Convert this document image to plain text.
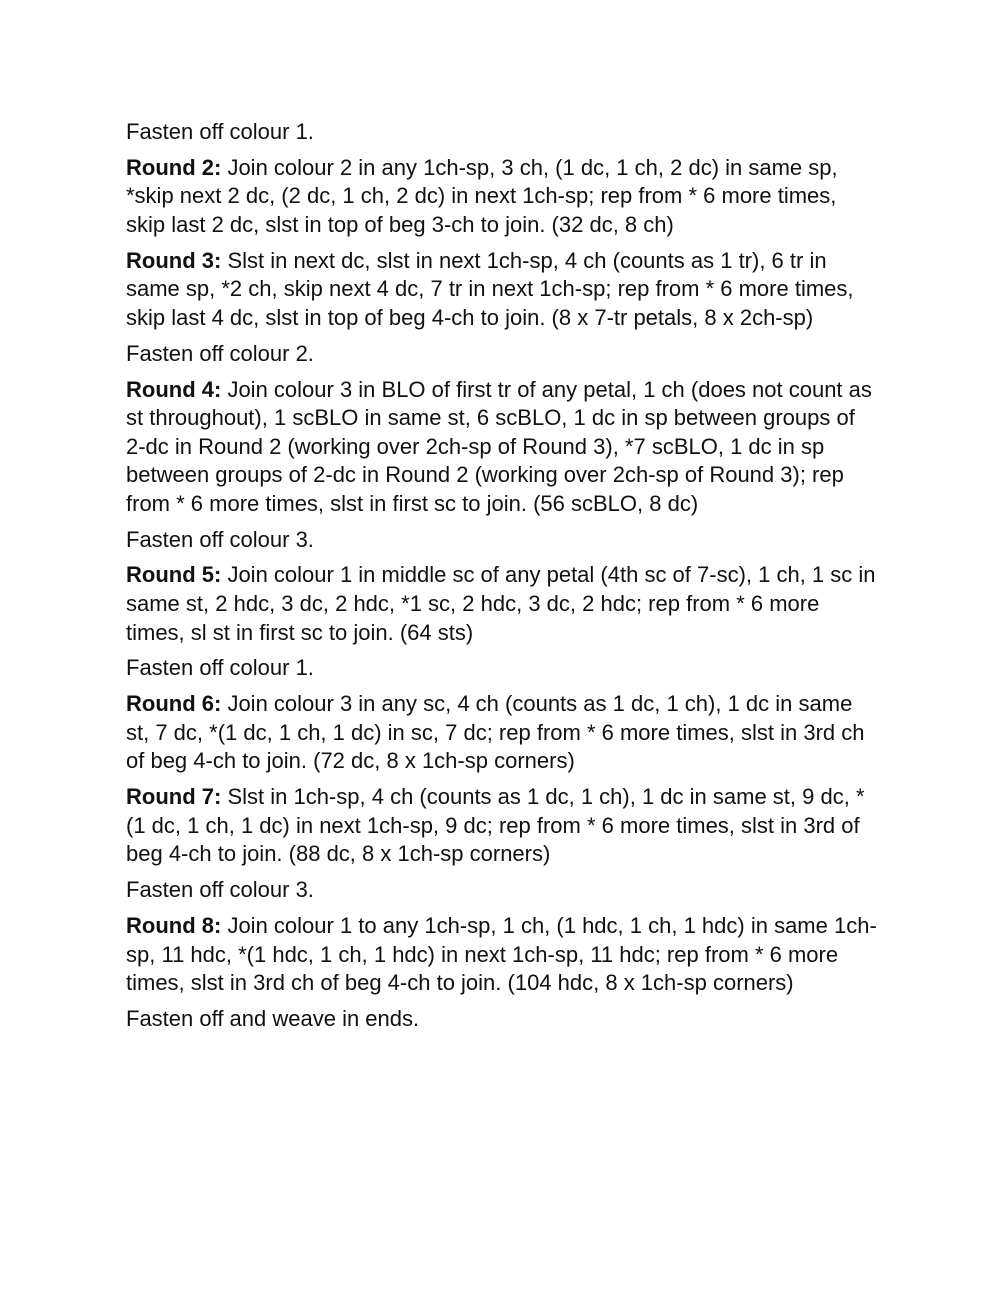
Fasten off colour 1.

Round 2: Join colour 2 in any 1ch-sp, 3 ch, (1 dc, 1 ch, 2 dc) in same sp, *skip next 2 dc, (2 dc, 1 ch, 2 dc) in next 1ch-sp; rep from * 6 more times, skip last 2 dc, slst in top of beg 3-ch to join. (32 dc, 8 ch)

Round 3: Slst in next dc, slst in next 1ch-sp, 4 ch (counts as 1 tr), 6 tr in same sp, *2 ch, skip next 4 dc, 7 tr in next 1ch-sp; rep from * 6 more times, skip last 4 dc, slst in top of beg 4-ch to join. (8 x 7-tr petals, 8 x 2ch-sp)

Fasten off colour 2.

Round 4: Join colour 3 in BLO of first tr of any petal, 1 ch (does not count as st throughout), 1 scBLO in same st, 6 scBLO, 1 dc in sp between groups of 2-dc in Round 2 (working over 2ch-sp of Round 3), *7 scBLO, 1 dc in sp between groups of 2-dc in Round 2 (working over 2ch-sp of Round 3); rep from * 6 more times, slst in first sc to join. (56 scBLO, 8 dc)

Fasten off colour 3.

Round 5: Join colour 1 in middle sc of any petal (4th sc of 7-sc), 1 ch, 1 sc in same st, 2 hdc, 3 dc, 2 hdc, *1 sc, 2 hdc, 3 dc, 2 hdc; rep from * 6 more times, sl st in first sc to join. (64 sts)

Fasten off colour 1.

Round 6: Join colour 3 in any sc, 4 ch (counts as 1 dc, 1 ch), 1 dc in same st, 7 dc, *(1 dc, 1 ch, 1 dc) in sc, 7 dc; rep from * 6 more times, slst in 3rd ch of beg 4-ch to join. (72 dc, 8 x 1ch-sp corners)

Round 7: Slst in 1ch-sp, 4 ch (counts as 1 dc, 1 ch), 1 dc in same st, 9 dc, *(1 dc, 1 ch, 1 dc) in next 1ch-sp, 9 dc; rep from * 6 more times, slst in 3rd of beg 4-ch to join. (88 dc, 8 x 1ch-sp corners)

Fasten off colour 3.

Round 8: Join colour 1 to any 1ch-sp, 1 ch, (1 hdc, 1 ch, 1 hdc) in same 1ch-sp, 11 hdc, *(1 hdc, 1 ch, 1 hdc) in next 1ch-sp, 11 hdc; rep from * 6 more times, slst in 3rd ch of beg 4-ch to join. (104 hdc, 8 x 1ch-sp corners)

Fasten off and weave in ends.
